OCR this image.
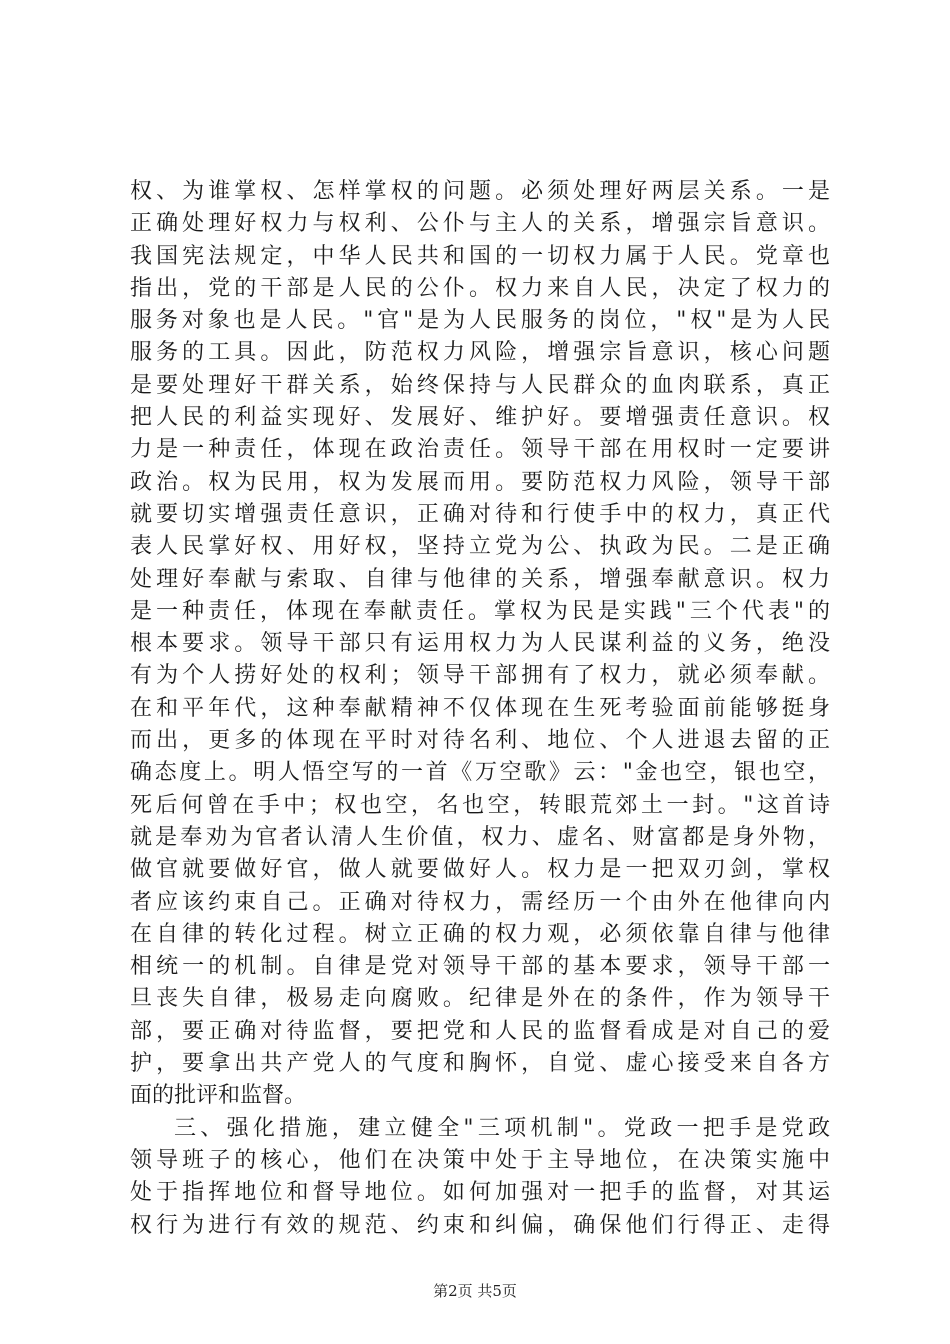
权、为谁掌权、怎样掌权的问题。必须处理好两层关系。一是
正确处理好权力与权利、公仆与主人的关系，增强宗旨意识。
我国宪法规定，中华人民共和国的一切权力属于人民。党章也
指出，党的干部是人民的公仆。权力来自人民，决定了权力的
服务对象也是人民。"官"是为人民服务的岗位，"权"是为人民
服务的工具。因此，防范权力风险，增强宗旨意识，核心问题
是要处理好干群关系，始终保持与人民群众的血肉联系，真正
把人民的利益实现好、发展好、维护好。要增强责任意识。权
力是一种责任，体现在政治责任。领导干部在用权时一定要讲
政治。权为民用，权为发展而用。要防范权力风险，领导干部
就要切实增强责任意识，正确对待和行使手中的权力，真正代
表人民掌好权、用好权，坚持立党为公、执政为民。二是正确
处理好奉献与索取、自律与他律的关系，增强奉献意识。权力
是一种责任，体现在奉献责任。掌权为民是实践"三个代表"的
根本要求。领导干部只有运用权力为人民谋利益的义务，绝没
有为个人捞好处的权利；领导干部拥有了权力，就必须奉献。
在和平年代，这种奉献精神不仅体现在生死考验面前能够挺身
而出，更多的体现在平时对待名利、地位、个人进退去留的正
确态度上。明人悟空写的一首《万空歌》云："金也空，银也空，
死后何曾在手中；权也空，名也空，转眼荒郊土一封。"这首诗
就是奉劝为官者认清人生价值，权力、虚名、财富都是身外物，
做官就要做好官，做人就要做好人。权力是一把双刃剑，掌权
者应该约束自己。正确对待权力，需经历一个由外在他律向内
在自律的转化过程。树立正确的权力观，必须依靠自律与他律
相统一的机制。自律是党对领导干部的基本要求，领导干部一
旦丧失自律，极易走向腐败。纪律是外在的条件，作为领导干
部，要正确对待监督，要把党和人民的监督看成是对自己的爱
护，要拿出共产党人的气度和胸怀，自觉、虚心接受来自各方
面的批评和监督。
三、强化措施，建立健全"三项机制"。党政一把手是党政
领导班子的核心，他们在决策中处于主导地位，在决策实施中
处于指挥地位和督导地位。如何加强对一把手的监督，对其运
权行为进行有效的规范、约束和纠偏，确保他们行得正、走得
第2页 共5页
